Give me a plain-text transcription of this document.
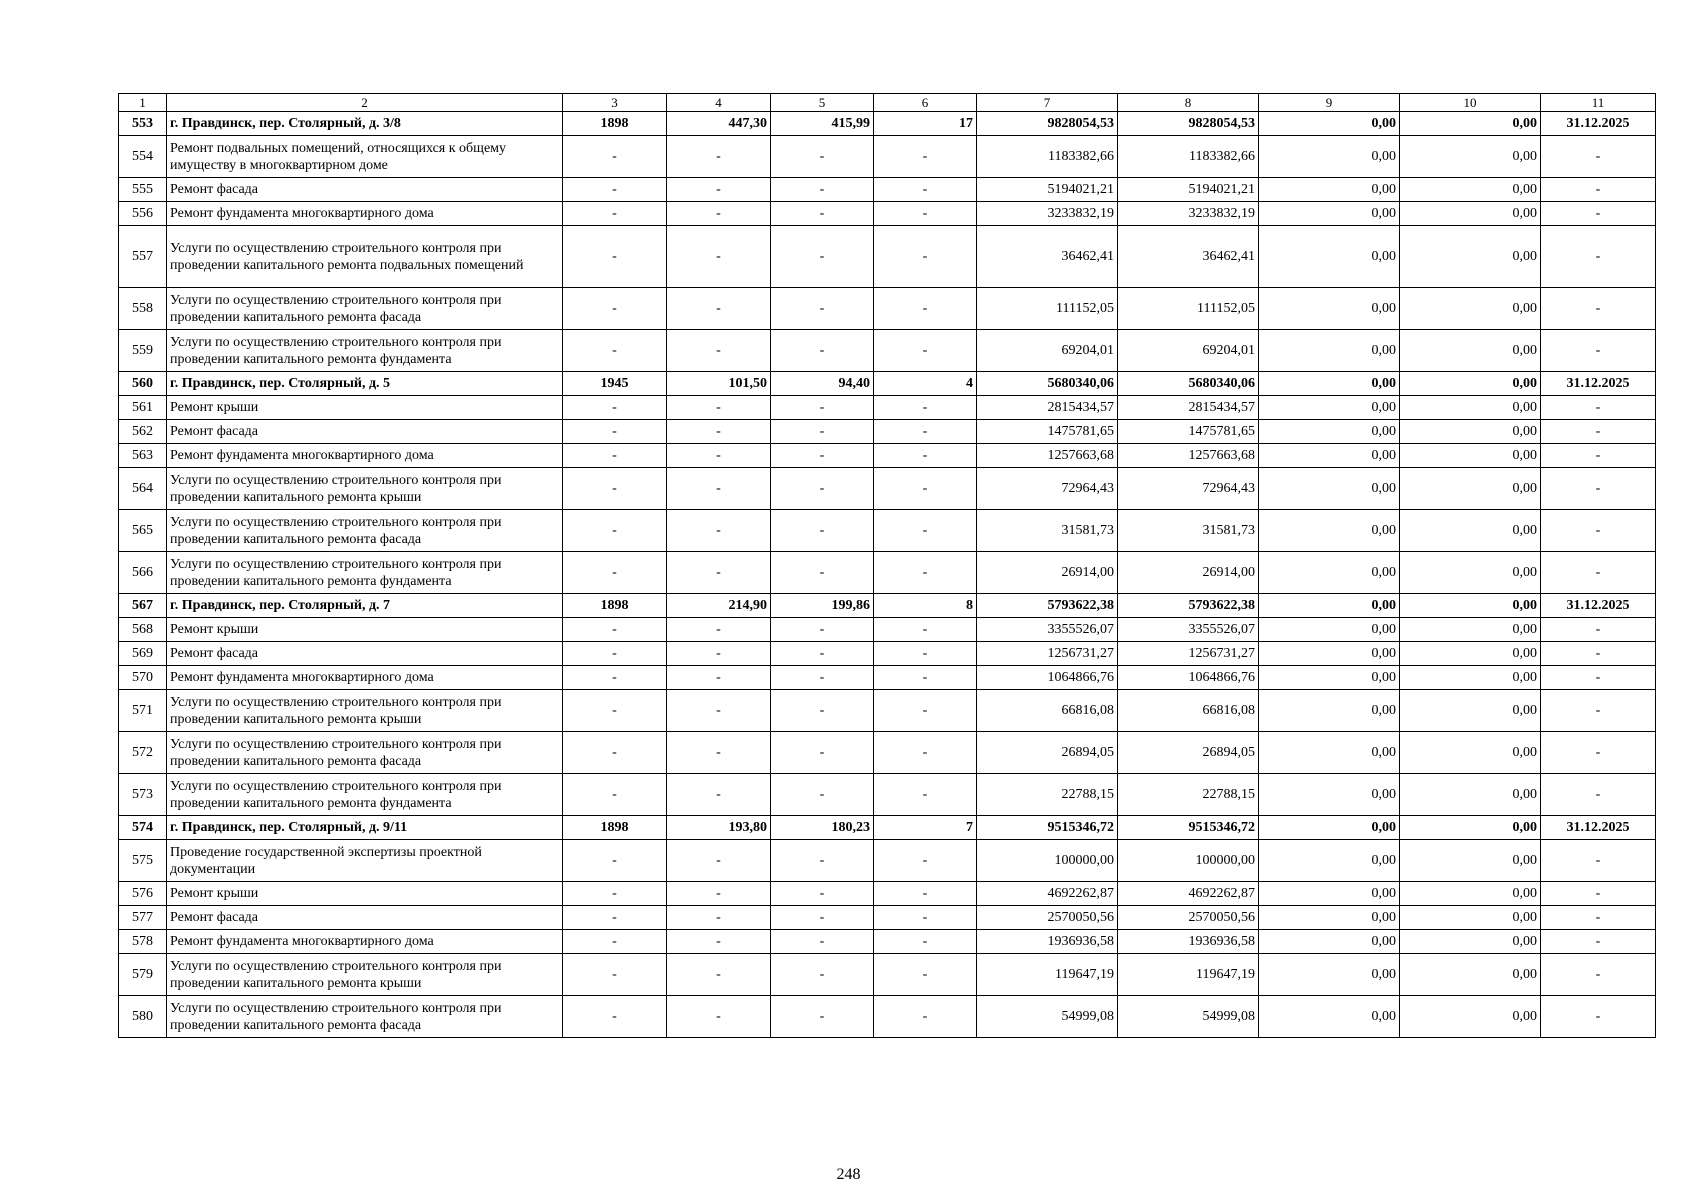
1	2	3	4	5	6	7	8	9	10	11
553	г. Правдинск, пер. Столярный, д. 3/8	1898	447,30	415,99	17	9828054,53	9828054,53	0,00	0,00	31.12.2025
554	Ремонт подвальных помещений, относящихся к общему имуществу в многоквартирном доме	-	-	-	-	1183382,66	1183382,66	0,00	0,00	-
555	Ремонт фасада	-	-	-	-	5194021,21	5194021,21	0,00	0,00	-
556	Ремонт фундамента многоквартирного дома	-	-	-	-	3233832,19	3233832,19	0,00	0,00	-
557	Услуги по осуществлению строительного контроля при проведении капитального ремонта подвальных помещений	-	-	-	-	36462,41	36462,41	0,00	0,00	-
558	Услуги по осуществлению строительного контроля при проведении капитального ремонта фасада	-	-	-	-	111152,05	111152,05	0,00	0,00	-
559	Услуги по осуществлению строительного контроля при проведении капитального ремонта фундамента	-	-	-	-	69204,01	69204,01	0,00	0,00	-
560	г. Правдинск, пер. Столярный, д. 5	1945	101,50	94,40	4	5680340,06	5680340,06	0,00	0,00	31.12.2025
561	Ремонт крыши	-	-	-	-	2815434,57	2815434,57	0,00	0,00	-
562	Ремонт фасада	-	-	-	-	1475781,65	1475781,65	0,00	0,00	-
563	Ремонт фундамента многоквартирного дома	-	-	-	-	1257663,68	1257663,68	0,00	0,00	-
564	Услуги по осуществлению строительного контроля при проведении капитального ремонта крыши	-	-	-	-	72964,43	72964,43	0,00	0,00	-
565	Услуги по осуществлению строительного контроля при проведении капитального ремонта фасада	-	-	-	-	31581,73	31581,73	0,00	0,00	-
566	Услуги по осуществлению строительного контроля при проведении капитального ремонта фундамента	-	-	-	-	26914,00	26914,00	0,00	0,00	-
567	г. Правдинск, пер. Столярный, д. 7	1898	214,90	199,86	8	5793622,38	5793622,38	0,00	0,00	31.12.2025
568	Ремонт крыши	-	-	-	-	3355526,07	3355526,07	0,00	0,00	-
569	Ремонт фасада	-	-	-	-	1256731,27	1256731,27	0,00	0,00	-
570	Ремонт фундамента многоквартирного дома	-	-	-	-	1064866,76	1064866,76	0,00	0,00	-
571	Услуги по осуществлению строительного контроля при проведении капитального ремонта крыши	-	-	-	-	66816,08	66816,08	0,00	0,00	-
572	Услуги по осуществлению строительного контроля при проведении капитального ремонта фасада	-	-	-	-	26894,05	26894,05	0,00	0,00	-
573	Услуги по осуществлению строительного контроля при проведении капитального ремонта фундамента	-	-	-	-	22788,15	22788,15	0,00	0,00	-
574	г. Правдинск, пер. Столярный, д. 9/11	1898	193,80	180,23	7	9515346,72	9515346,72	0,00	0,00	31.12.2025
575	Проведение государственной экспертизы проектной документации	-	-	-	-	100000,00	100000,00	0,00	0,00	-
576	Ремонт крыши	-	-	-	-	4692262,87	4692262,87	0,00	0,00	-
577	Ремонт фасада	-	-	-	-	2570050,56	2570050,56	0,00	0,00	-
578	Ремонт фундамента многоквартирного дома	-	-	-	-	1936936,58	1936936,58	0,00	0,00	-
579	Услуги по осуществлению строительного контроля при проведении капитального ремонта крыши	-	-	-	-	119647,19	119647,19	0,00	0,00	-
580	Услуги по осуществлению строительного контроля при проведении капитального ремонта фасада	-	-	-	-	54999,08	54999,08	0,00	0,00	-
248
